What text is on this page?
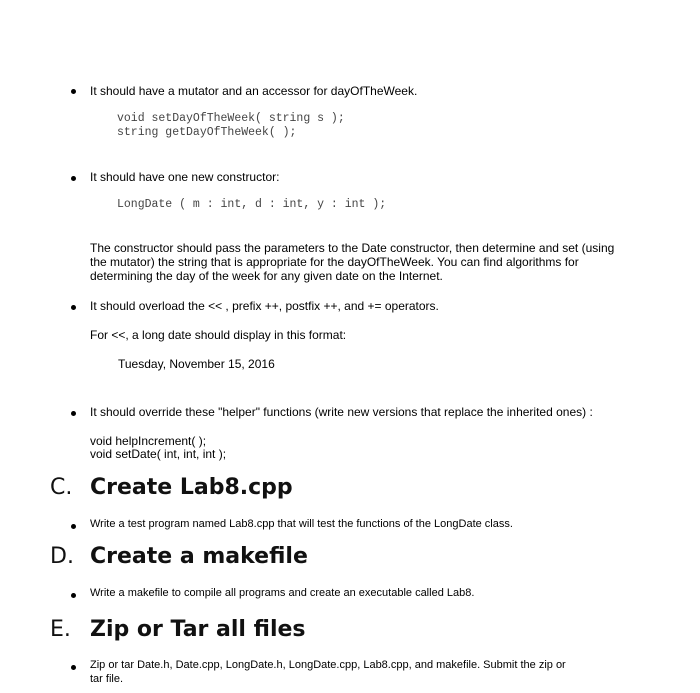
It should have a mutator and an accessor for dayOfTheWeek.
void setDayOfTheWeek( string s );
string getDayOfTheWeek( );
It should have one new constructor:
LongDate ( m : int, d : int, y : int );
The constructor should pass the parameters to the Date constructor, then determine and set (using
the mutator) the string that is appropriate for the dayOfTheWeek. You can find algorithms for
determining the day of the week for any given date on the Internet.
It should overload the << , prefix ++, postfix ++, and += operators.
For <<, a long date should display in this format:
Tuesday, November 15, 2016
It should override these "helper" functions (write new versions that replace the inherited ones) :
void helpIncrement( );
void setDate( int, int, int );
C. Create Lab8.cpp
Write a test program named Lab8.cpp that will test the functions of the LongDate class.
D. Create a makefile
Write a makefile to compile all programs and create an executable called Lab8.
E. Zip or Tar all files
Zip or tar Date.h, Date.cpp, LongDate.h, LongDate.cpp, Lab8.cpp, and makefile. Submit the zip or
tar file.
